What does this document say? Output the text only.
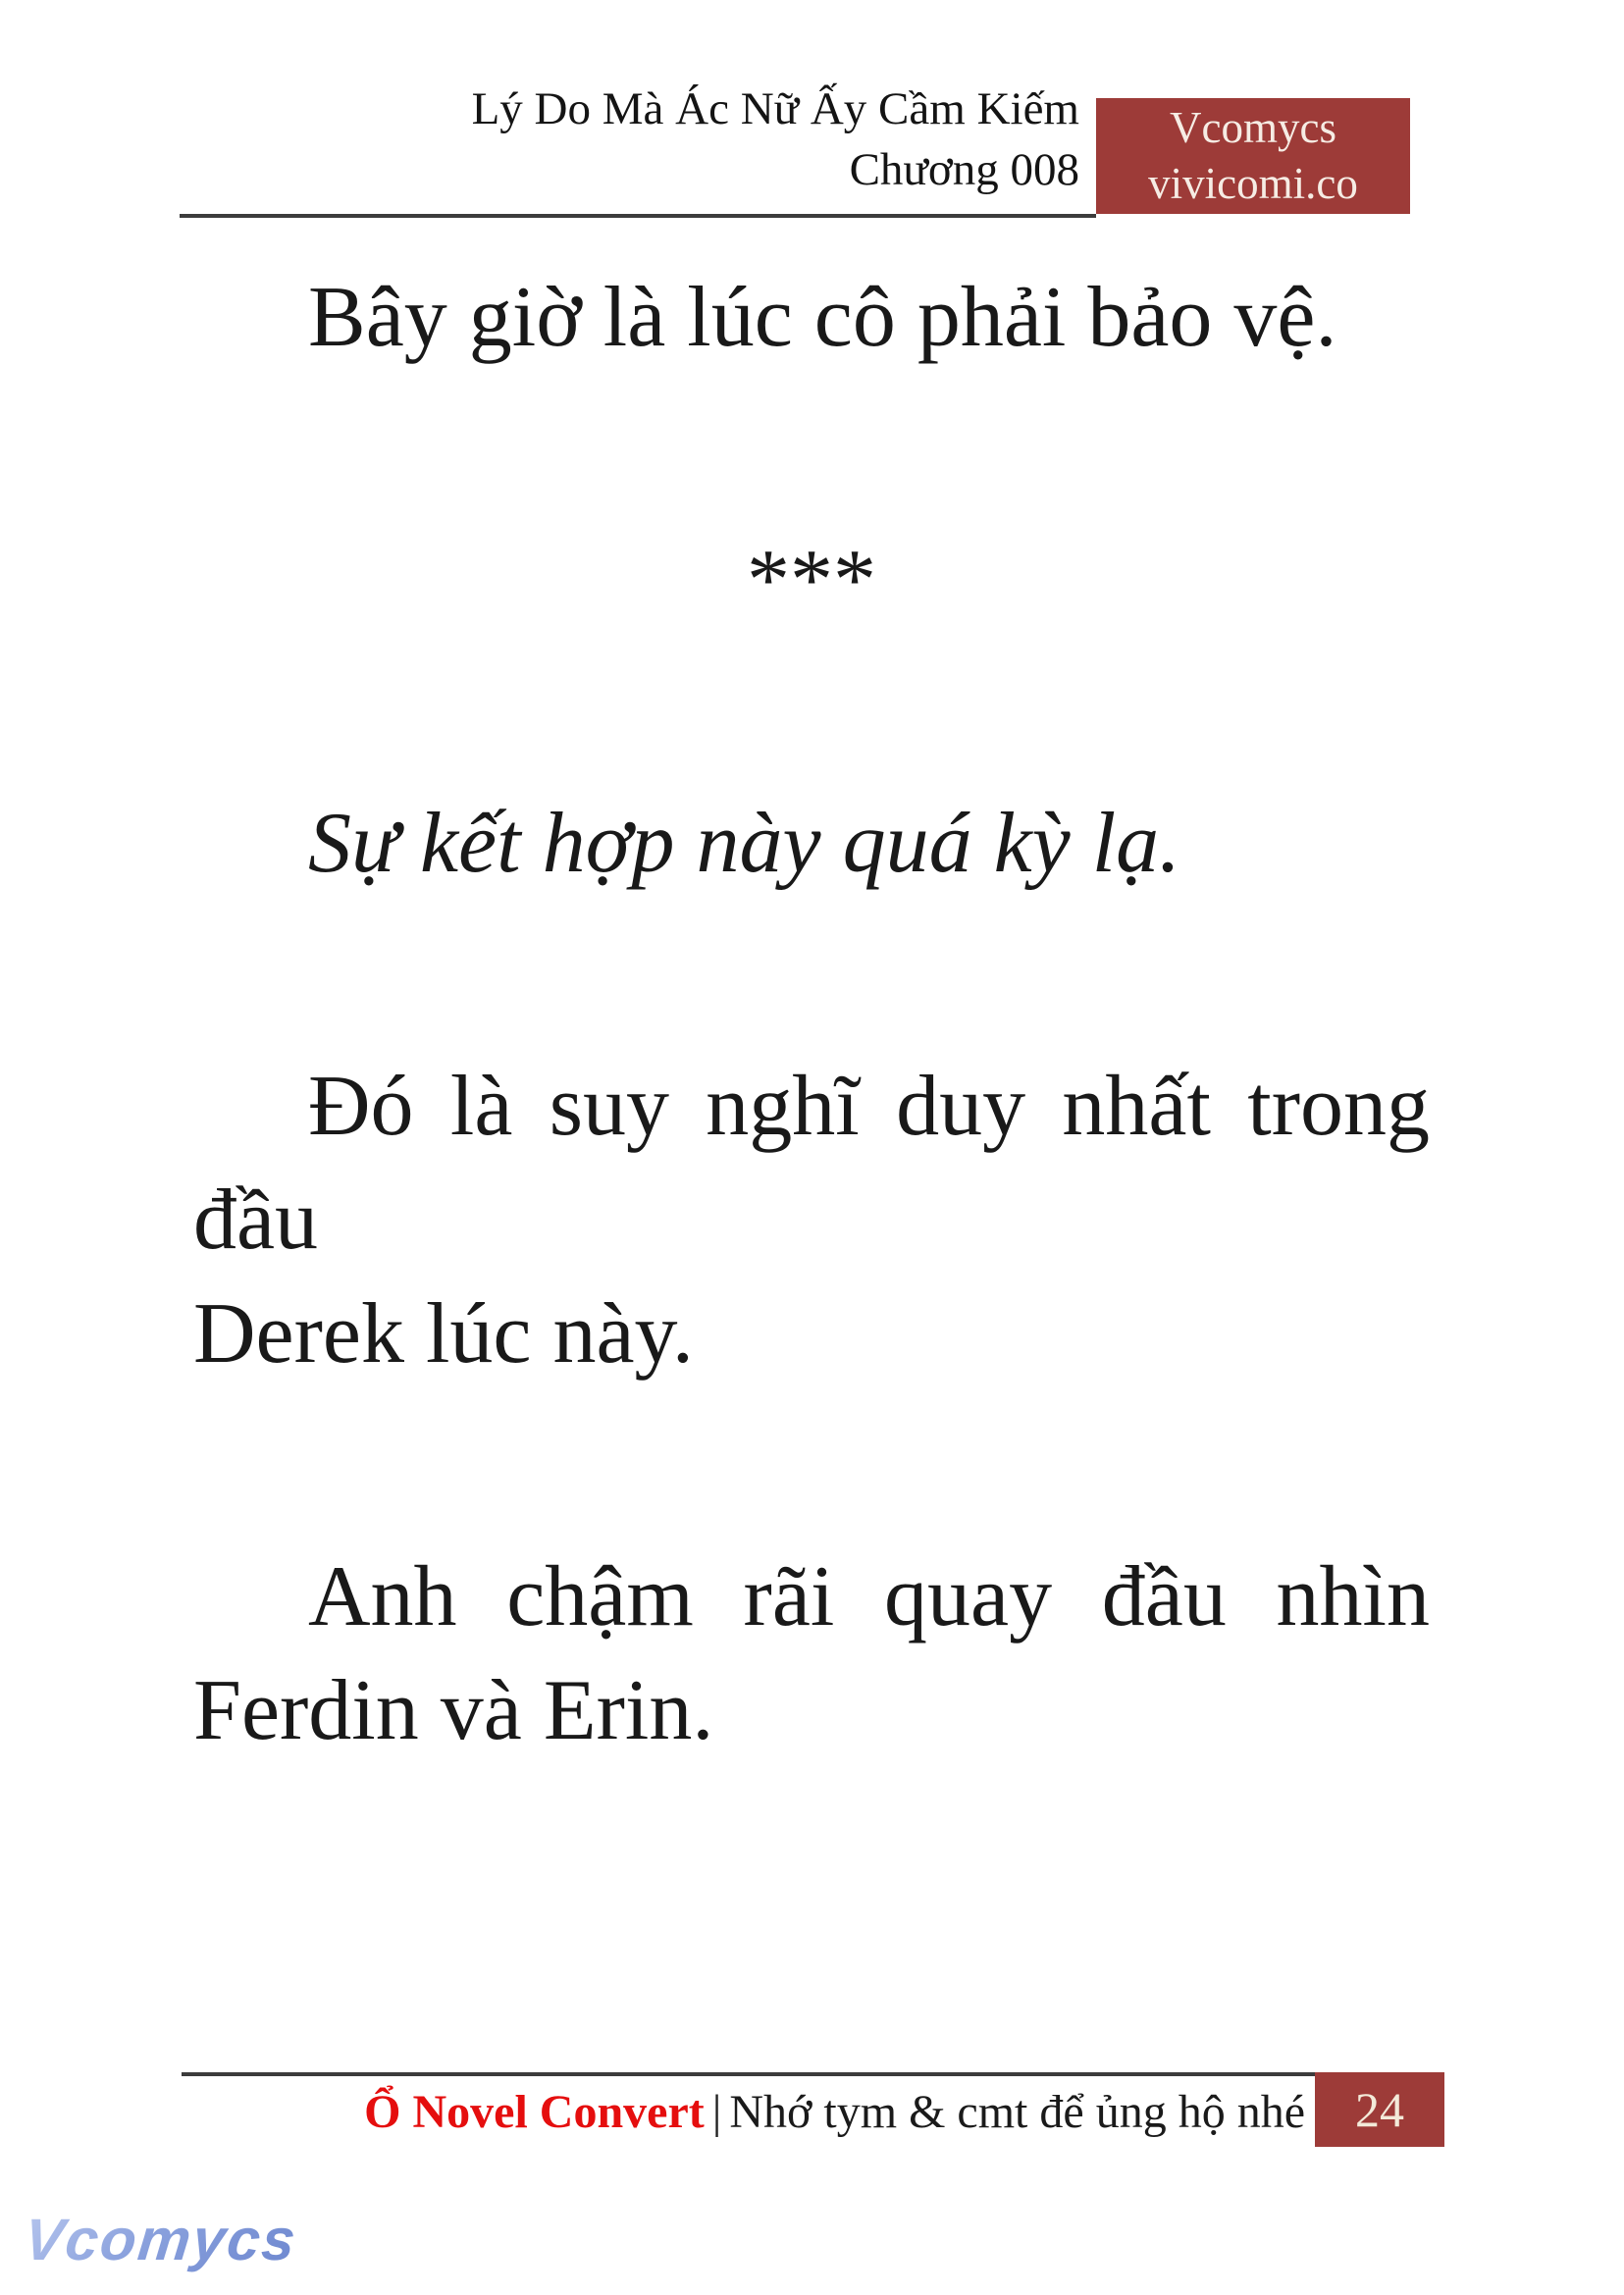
Lý Do Mà Ác Nữ Ấy Cầm Kiếm
Chương 008
Vcomycs
vivicomi.co
Bây giờ là lúc cô phải bảo vệ.
***
Sự kết hợp này quá kỳ lạ.
Đó là suy nghĩ duy nhất trong đầu
Derek lúc này.
Anh chậm rãi quay đầu nhìn
Ferdin và Erin.
Ổ Novel Convert | Nhớ tym & cmt để ủng hộ nhé 24
Vcomycs
